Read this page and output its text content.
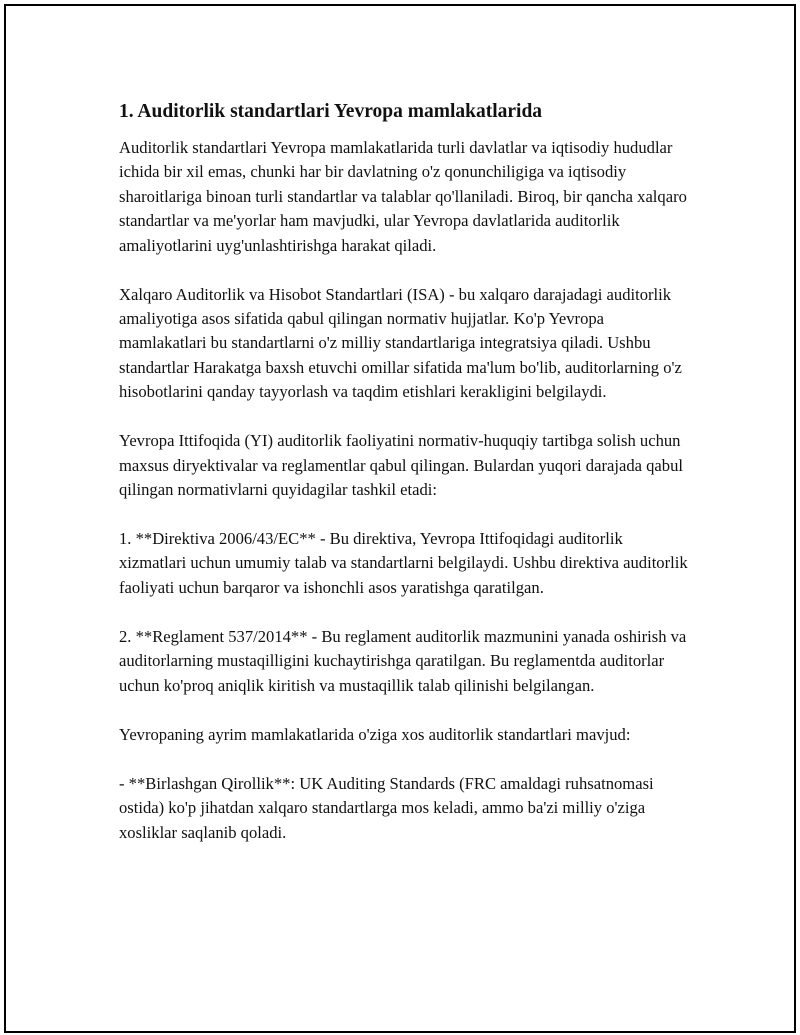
1. Auditorlik standartlari Yevropa mamlakatlarida

Auditorlik standartlari Yevropa mamlakatlarida turli davlatlar va iqtisodiy hududlar ichida bir xil emas, chunki har bir davlatning o'z qonunchiligiga va iqtisodiy sharoitlariga binoan turli standartlar va talablar qo'llaniladi. Biroq, bir qancha xalqaro standartlar va me'yorlar ham mavjudki, ular Yevropa davlatlarida auditorlik amaliyotlarini uyg'unlashtirishga harakat qiladi.

Xalqaro Auditorlik va Hisobot Standartlari (ISA) - bu xalqaro darajadagi auditorlik amaliyotiga asos sifatida qabul qilingan normativ hujjatlar. Ko'p Yevropa mamlakatlari bu standartlarni o'z milliy standartlariga integratsiya qiladi. Ushbu standartlar Harakatga baxsh etuvchi omillar sifatida ma'lum bo'lib, auditorlarning o'z hisobotlarini qanday tayyorlash va taqdim etishlari kerakligini belgilaydi.

Yevropa Ittifoqida (YI) auditorlik faoliyatini normativ-huquqiy tartibga solish uchun maxsus diryektivalar va reglamentlar qabul qilingan. Bulardan yuqori darajada qabul qilingan normativlarni quyidagilar tashkil etadi:

1. **Direktiva 2006/43/EC** - Bu direktiva, Yevropa Ittifoqidagi auditorlik xizmatlari uchun umumiy talab va standartlarni belgilaydi. Ushbu direktiva auditorlik faoliyati uchun barqaror va ishonchli asos yaratishga qaratilgan.

2. **Reglament 537/2014** - Bu reglament auditorlik mazmunini yanada oshirish va auditorlarning mustaqilligini kuchaytirishga qaratilgan. Bu reglamentda auditorlar uchun ko'proq aniqlik kiritish va mustaqillik talab qilinishi belgilangan.

Yevropaning ayrim mamlakatlarida o'ziga xos auditorlik standartlari mavjud:

- **Birlashgan Qirollik**: UK Auditing Standards (FRC amaldagi ruhsatnomasi ostida) ko'p jihatdan xalqaro standartlarga mos keladi, ammo ba'zi milliy o'ziga xosliklar saqlanib qoladi.
